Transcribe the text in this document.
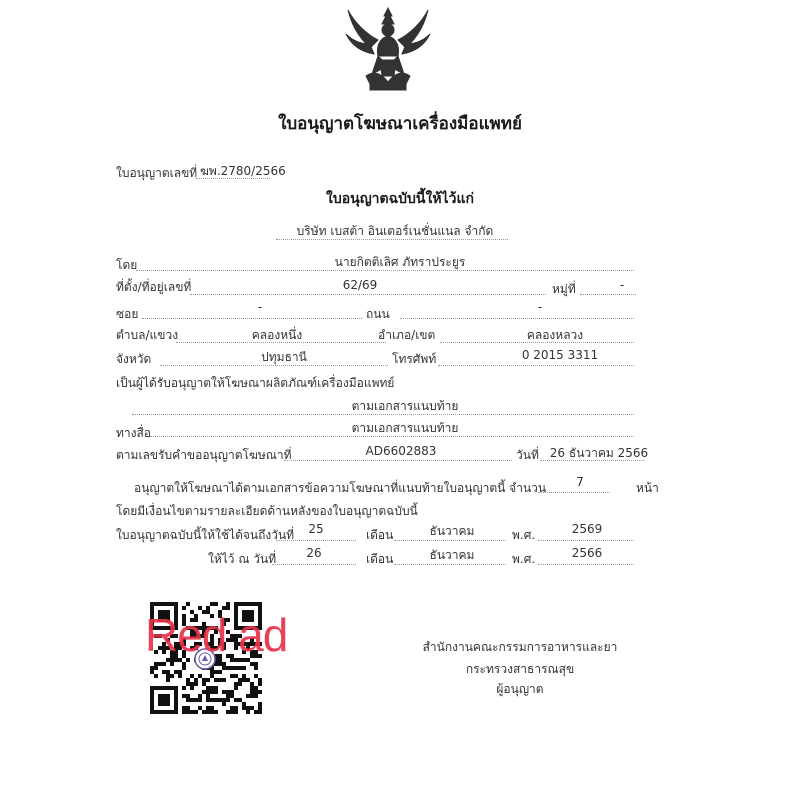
ใบอนุญาตโฆษณาเครื่องมือแพทย์
ใบอนุญาตเลขที่ ฆพ.2780/2566
ใบอนุญาตฉบับนี้ให้ไว้แก่
บริษัท เบสต้า อินเตอร์เนชั่นแนล จำกัด
โดย	นายกิตติเลิศ ภัทราประยูร
ที่ตั้ง/ที่อยู่เลขที่	62/69	หมู่ที่	-
ซอย	-	ถนน	-
ตำบล/แขวง	คลองหนึ่ง	อำเภอ/เขต	คลองหลวง
จังหวัด	ปทุมธานี	โทรศัพท์	0 2015 3311
เป็นผู้ได้รับอนุญาตให้โฆษณาผลิตภัณฑ์เครื่องมือแพทย์
ตามเอกสารแนบท้าย
ทางสื่อ	ตามเอกสารแนบท้าย
ตามเลขรับคำขออนุญาตโฆษณาที่	AD6602883	วันที่ 26 ธันวาคม 2566
อนุญาตให้โฆษณาได้ตามเอกสารข้อความโฆษณาที่แนบท้ายใบอนุญาตนี้ จำนวน	7	หน้า
โดยมีเงื่อนไขตามรายละเอียดด้านหลังของใบอนุญาตฉบับนี้
ใบอนุญาตฉบับนี้ให้ใช้ได้จนถึงวันที่	25	เดือน	ธันวาคม	พ.ศ.	2569
ให้ไว้ ณ วันที่	26	เดือน	ธันวาคม	พ.ศ.	2566
Red ad	สำนักงานคณะกรรมการอาหารและยา
กระทรวงสาธารณสุข
ผู้อนุญาต
